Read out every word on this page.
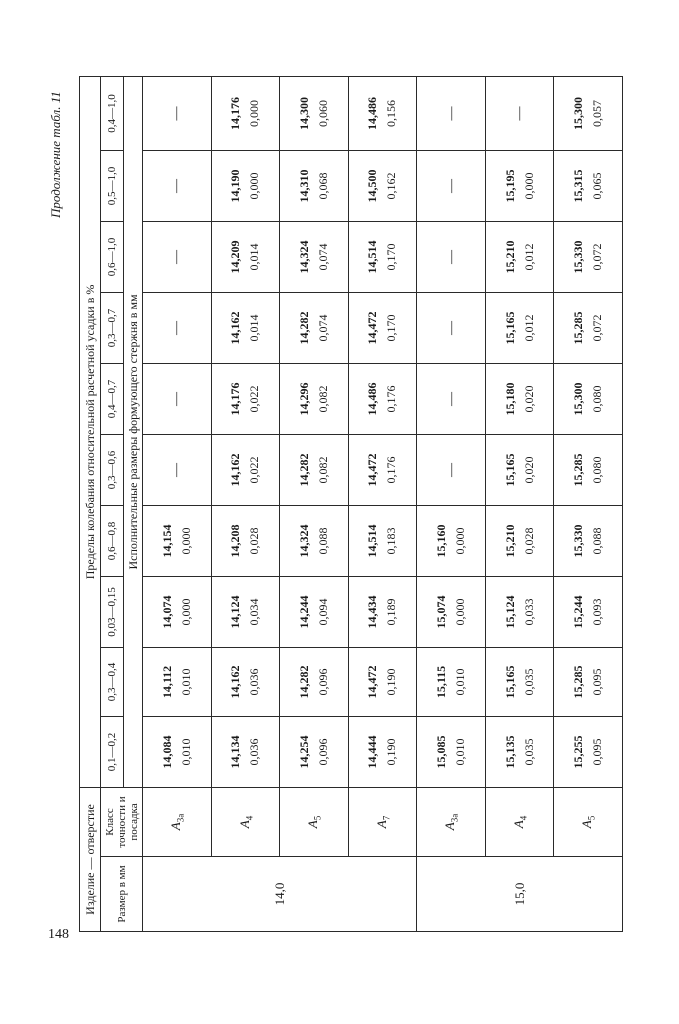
148
Продолжение табл. 11
Изделие — отверстие		Пределы колебания относительной расчетной усадки в %									
Размер в мм	Класс точности и посадка	0,1—0,2	0,3—0,4	0,03—0,15	0,6—0,8	0,3—0,6	0,4—0,7	0,3—0,7	0,6—1,0	0,5—1,0	0,4—1,0
		Исполнительные размеры формующего стержня в мм									
14,0	$A_{3а}$	14,084 0,010	14,112 0,010	14,074 0,000	14,154 0,000	—	—	—	—	—	—

	$A_4$	14,134 0,036	14,162 0,036	14,124 0,034	14,208 0,028	14,162 0,022	14,176 0,022	14,162 0,014	14,209 0,014	14,190 0,000	14,176 0,000

	$A_5$	14,254 0,096	14,282 0,096	14,244 0,094	14,324 0,088	14,282 0,082	14,296 0,082	14,282 0,074	14,324 0,074	14,310 0,068	14,300 0,060

	$A_7$	14,444 0,190	14,472 0,190	14,434 0,189	14,514 0,183	14,472 0,176	14,486 0,176	14,472 0,170	14,514 0,170	14,500 0,162	14,486 0,156

15,0	$A_{3а}$	15,085 0,010	15,115 0,010	15,074 0,000	15,160 0,000	—	—	—	—	—	—

	$A_4$	15,135 0,035	15,165 0,035	15,124 0,033	15,210 0,028	15,165 0,020	15,180 0,020	15,165 0,012	15,210 0,012	15,195 0,000	—

	$A_5$	15,255 0,095	15,285 0,095	15,244 0,093	15,330 0,088	15,285 0,080	15,300 0,080	15,285 0,072	15,330 0,072	15,315 0,065	15,300 0,057
